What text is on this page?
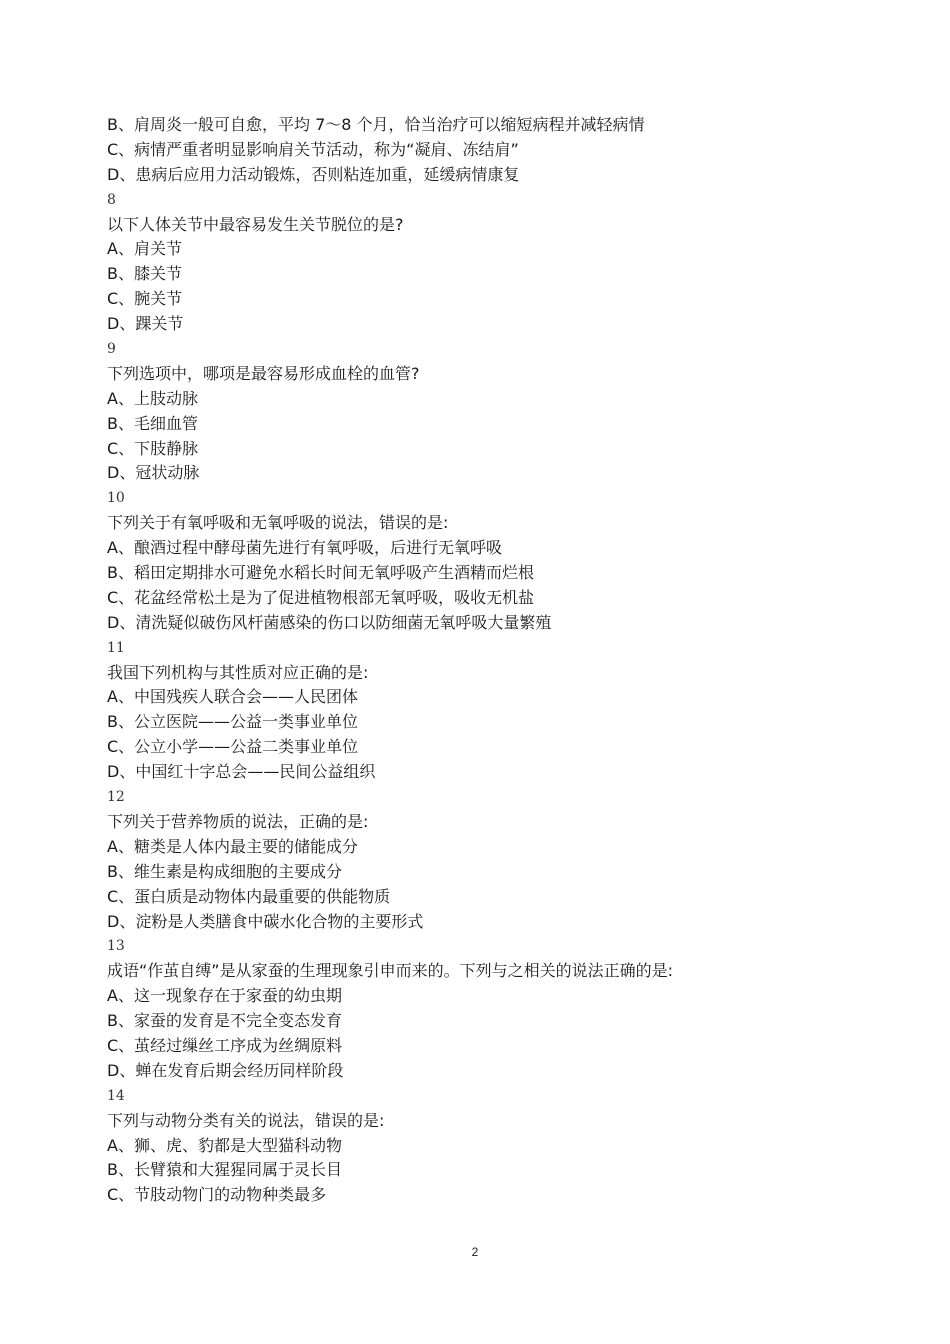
B、肩周炎一般可自愈，平均 7～8 个月，恰当治疗可以缩短病程并减轻病情
C、病情严重者明显影响肩关节活动，称为“凝肩、冻结肩”
D、患病后应用力活动锻炼，否则粘连加重，延缓病情康复
8
以下人体关节中最容易发生关节脱位的是?
A、肩关节
B、膝关节
C、腕关节
D、踝关节
9
下列选项中，哪项是最容易形成血栓的血管?
A、上肢动脉
B、毛细血管
C、下肢静脉
D、冠状动脉
10
下列关于有氧呼吸和无氧呼吸的说法，错误的是:
A、酿酒过程中酵母菌先进行有氧呼吸，后进行无氧呼吸
B、稻田定期排水可避免水稻长时间无氧呼吸产生酒精而烂根
C、花盆经常松土是为了促进植物根部无氧呼吸，吸收无机盐
D、清洗疑似破伤风杆菌感染的伤口以防细菌无氧呼吸大量繁殖
11
我国下列机构与其性质对应正确的是:
A、中国残疾人联合会——人民团体
B、公立医院——公益一类事业单位
C、公立小学——公益二类事业单位
D、中国红十字总会——民间公益组织
12
下列关于营养物质的说法，正确的是:
A、糖类是人体内最主要的储能成分
B、维生素是构成细胞的主要成分
C、蛋白质是动物体内最重要的供能物质
D、淀粉是人类膳食中碳水化合物的主要形式
13
成语“作茧自缚”是从家蚕的生理现象引申而来的。下列与之相关的说法正确的是:
A、这一现象存在于家蚕的幼虫期
B、家蚕的发育是不完全变态发育
C、茧经过缫丝工序成为丝绸原料
D、蝉在发育后期会经历同样阶段
14
下列与动物分类有关的说法，错误的是:
A、狮、虎、豹都是大型猫科动物
B、长臂猿和大猩猩同属于灵长目
C、节肢动物门的动物种类最多
2
